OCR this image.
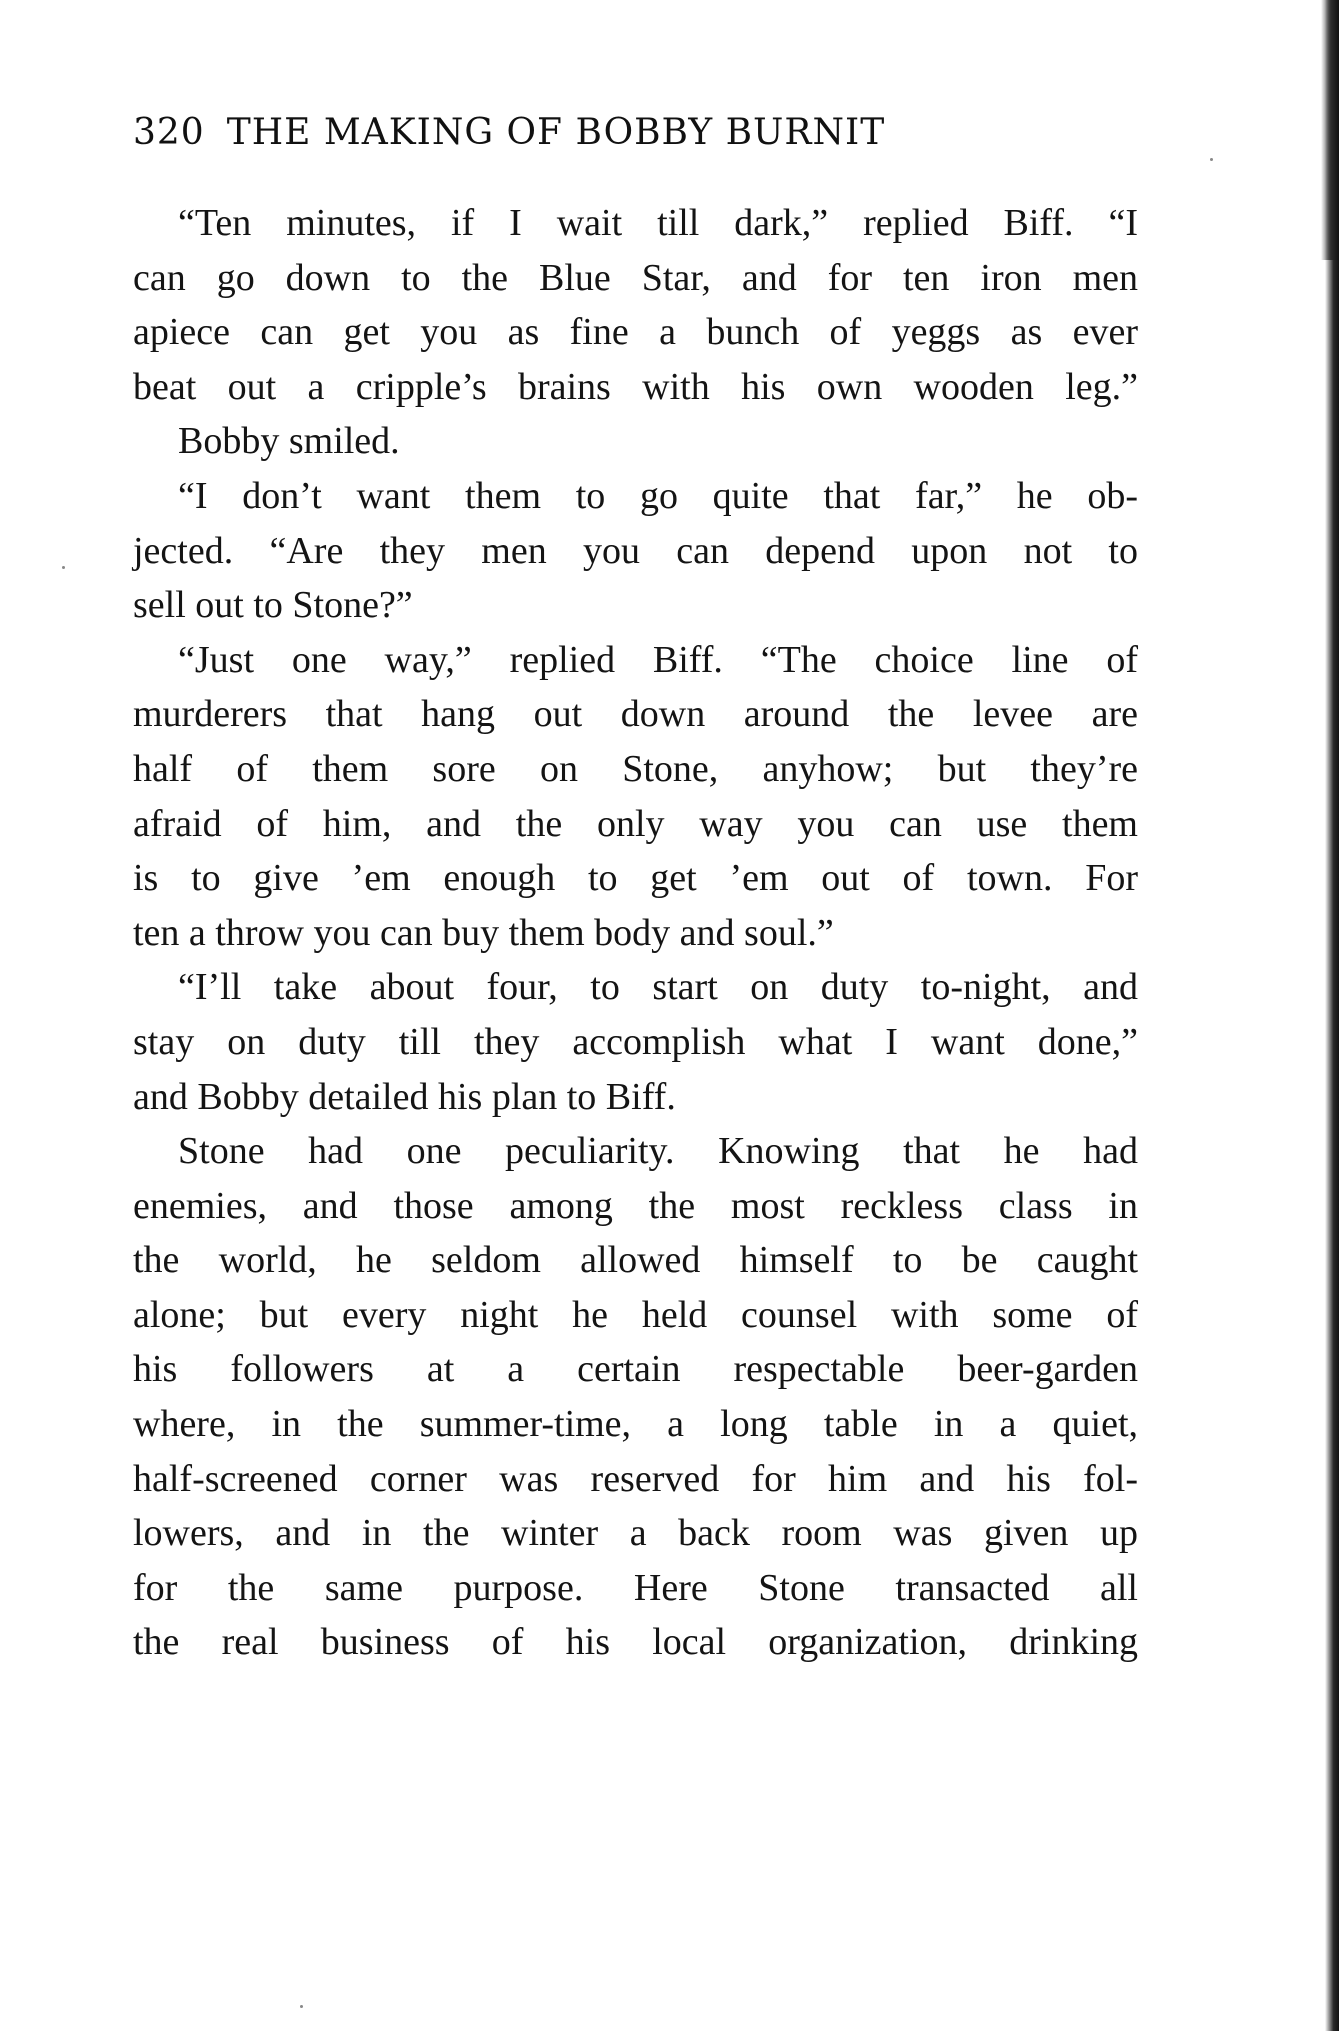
320 THE MAKING OF BOBBY BURNIT
“Ten minutes, if I wait till dark,” replied Biff. “I
can go down to the Blue Star, and for ten iron men
apiece can get you as fine a bunch of yeggs as ever
beat out a cripple’s brains with his own wooden leg.”
Bobby smiled.
“I don’t want them to go quite that far,” he ob-
jected. “Are they men you can depend upon not to
sell out to Stone?”
“Just one way,” replied Biff. “The choice line of
murderers that hang out down around the levee are
half of them sore on Stone, anyhow; but they’re
afraid of him, and the only way you can use them
is to give ’em enough to get ’em out of town. For
ten a throw you can buy them body and soul.”
“I’ll take about four, to start on duty to-night, and
stay on duty till they accomplish what I want done,”
and Bobby detailed his plan to Biff.
Stone had one peculiarity. Knowing that he had
enemies, and those among the most reckless class in
the world, he seldom allowed himself to be caught
alone; but every night he held counsel with some of
his followers at a certain respectable beer-garden
where, in the summer-time, a long table in a quiet,
half-screened corner was reserved for him and his fol-
lowers, and in the winter a back room was given up
for the same purpose. Here Stone transacted all
the real business of his local organization, drinking
